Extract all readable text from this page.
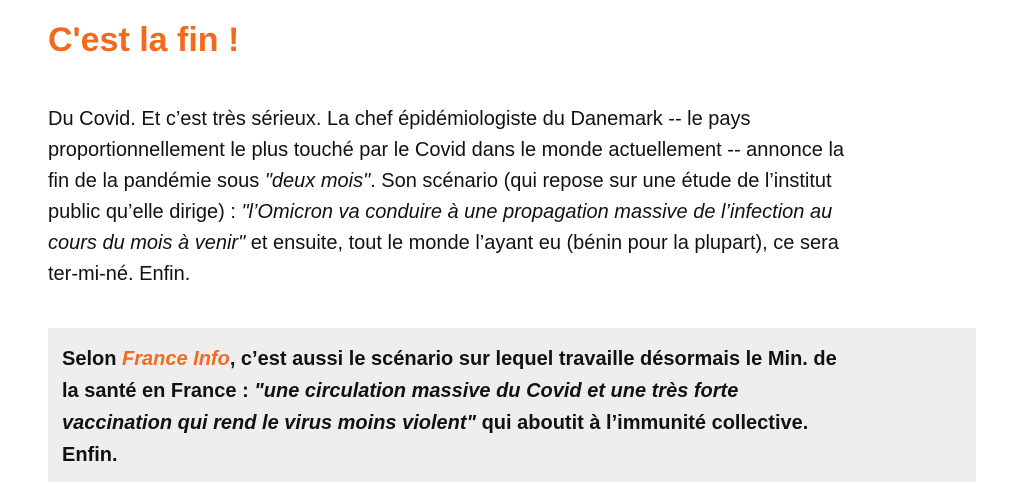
C'est la fin !

Du Covid. Et c’est très sérieux. La chef épidémiologiste du Danemark -- le pays
proportionnellement le plus touché par le Covid dans le monde actuellement -- annonce la
fin de la pandémie sous "deux mois". Son scénario (qui repose sur une étude de l’institut
public qu’elle dirige) : "l’Omicron va conduire à une propagation massive de l’infection au
cours du mois à venir" et ensuite, tout le monde l’ayant eu (bénin pour la plupart), ce sera
ter-mi-né. Enfin.

Selon France Info, c’est aussi le scénario sur lequel travaille désormais le Min. de
la santé en France : "une circulation massive du Covid et une très forte
vaccination qui rend le virus moins violent" qui aboutit à l’immunité collective.
Enfin.
